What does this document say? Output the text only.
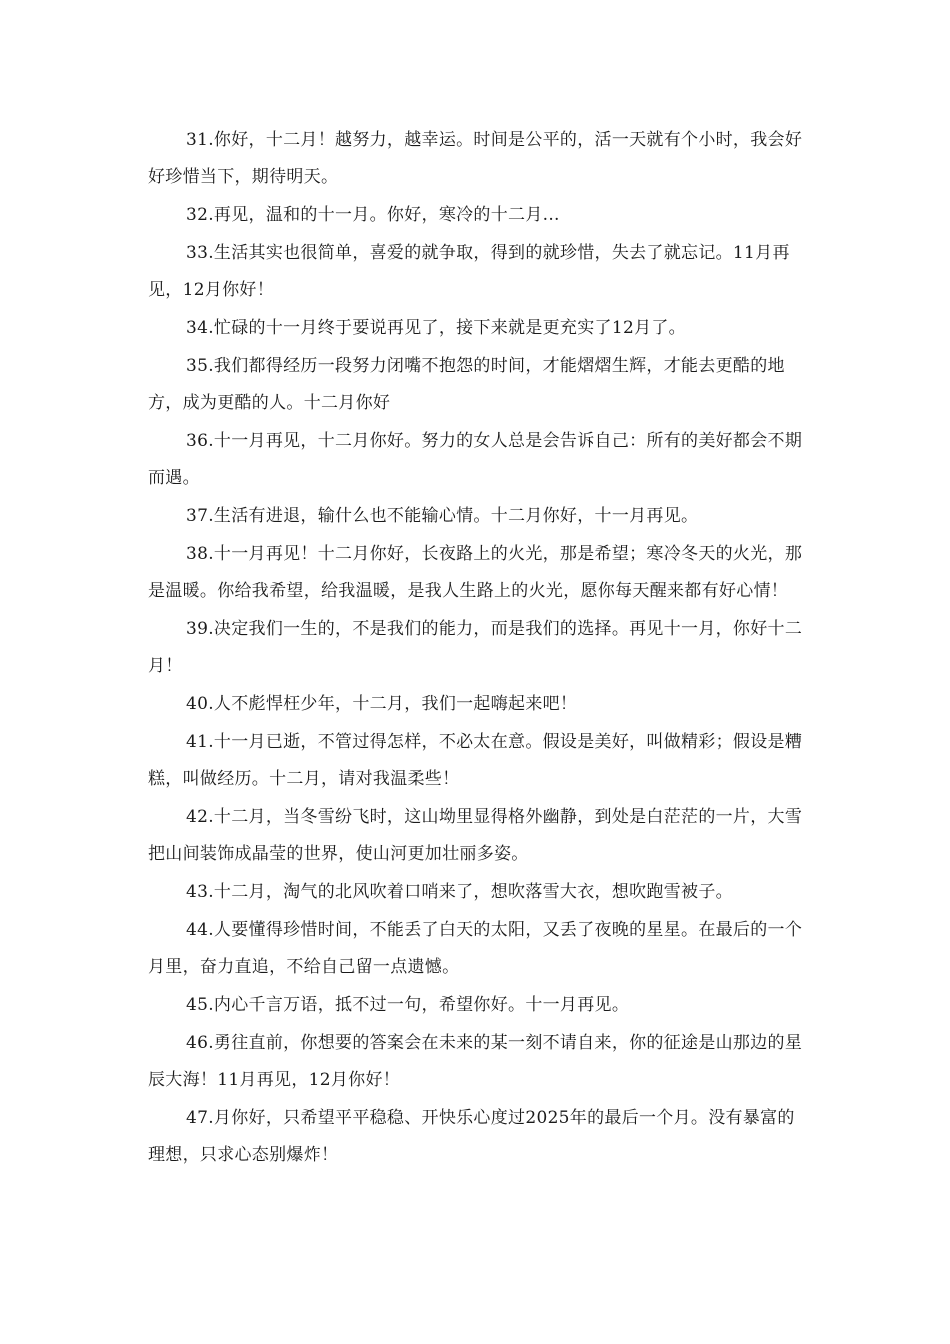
31.你好，十二月！越努力，越幸运。时间是公平的，活一天就有个小时，我会好好珍惜当下，期待明天。

32.再见，温和的十一月。你好，寒冷的十二月...

33.生活其实也很简单，喜爱的就争取，得到的就珍惜，失去了就忘记。11月再见，12月你好！

34.忙碌的十一月终于要说再见了，接下来就是更充实了12月了。

35.我们都得经历一段努力闭嘴不抱怨的时间，才能熠熠生辉，才能去更酷的地方，成为更酷的人。十二月你好

36.十一月再见，十二月你好。努力的女人总是会告诉自己：所有的美好都会不期而遇。

37.生活有进退，输什么也不能输心情。十二月你好，十一月再见。

38.十一月再见！十二月你好，长夜路上的火光，那是希望；寒冷冬天的火光，那是温暖。你给我希望，给我温暖，是我人生路上的火光，愿你每天醒来都有好心情！

39.决定我们一生的，不是我们的能力，而是我们的选择。再见十一月，你好十二月！

40.人不彪悍枉少年，十二月，我们一起嗨起来吧！

41.十一月已逝，不管过得怎样，不必太在意。假设是美好，叫做精彩；假设是糟糕，叫做经历。十二月，请对我温柔些！

42.十二月，当冬雪纷飞时，这山坳里显得格外幽静，到处是白茫茫的一片，大雪把山间装饰成晶莹的世界，使山河更加壮丽多姿。

43.十二月，淘气的北风吹着口哨来了，想吹落雪大衣，想吹跑雪被子。

44.人要懂得珍惜时间，不能丢了白天的太阳，又丢了夜晚的星星。在最后的一个月里，奋力直追，不给自己留一点遗憾。

45.内心千言万语，抵不过一句，希望你好。十一月再见。

46.勇往直前，你想要的答案会在未来的某一刻不请自来，你的征途是山那边的星辰大海！11月再见，12月你好！

47.月你好，只希望平平稳稳、开快乐心度过2025年的最后一个月。没有暴富的理想，只求心态别爆炸！
